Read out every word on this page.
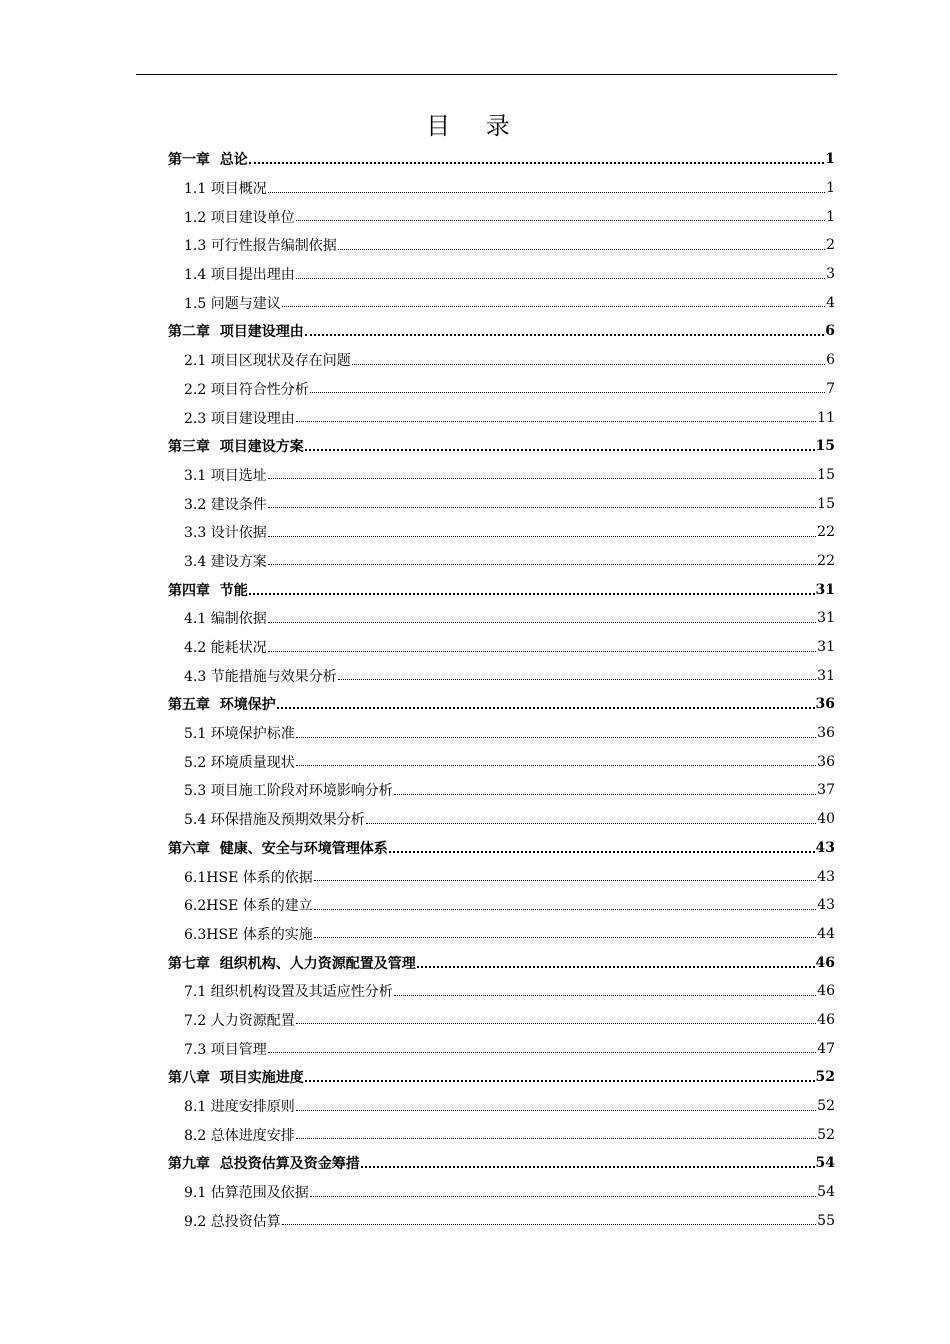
目 录
第一章  总论	1
1.1 项目概况	1
1.2 项目建设单位	1
1.3 可行性报告编制依据	2
1.4 项目提出理由	3
1.5 问题与建议	4
第二章  项目建设理由	6
2.1 项目区现状及存在问题	6
2.2 项目符合性分析	7
2.3 项目建设理由	11
第三章  项目建设方案	15
3.1 项目选址	15
3.2 建设条件	15
3.3 设计依据	22
3.4 建设方案	22
第四章  节能	31
4.1 编制依据	31
4.2 能耗状况	31
4.3 节能措施与效果分析	31
第五章  环境保护	36
5.1 环境保护标准	36
5.2 环境质量现状	36
5.3 项目施工阶段对环境影响分析	37
5.4 环保措施及预期效果分析	40
第六章  健康、安全与环境管理体系	43
6.1HSE 体系的依据	43
6.2HSE 体系的建立	43
6.3HSE 体系的实施	44
第七章  组织机构、人力资源配置及管理	46
7.1 组织机构设置及其适应性分析	46
7.2 人力资源配置	46
7.3 项目管理	47
第八章  项目实施进度	52
8.1 进度安排原则	52
8.2 总体进度安排	52
第九章  总投资估算及资金筹措	54
9.1 估算范围及依据	54
9.2 总投资估算	55
